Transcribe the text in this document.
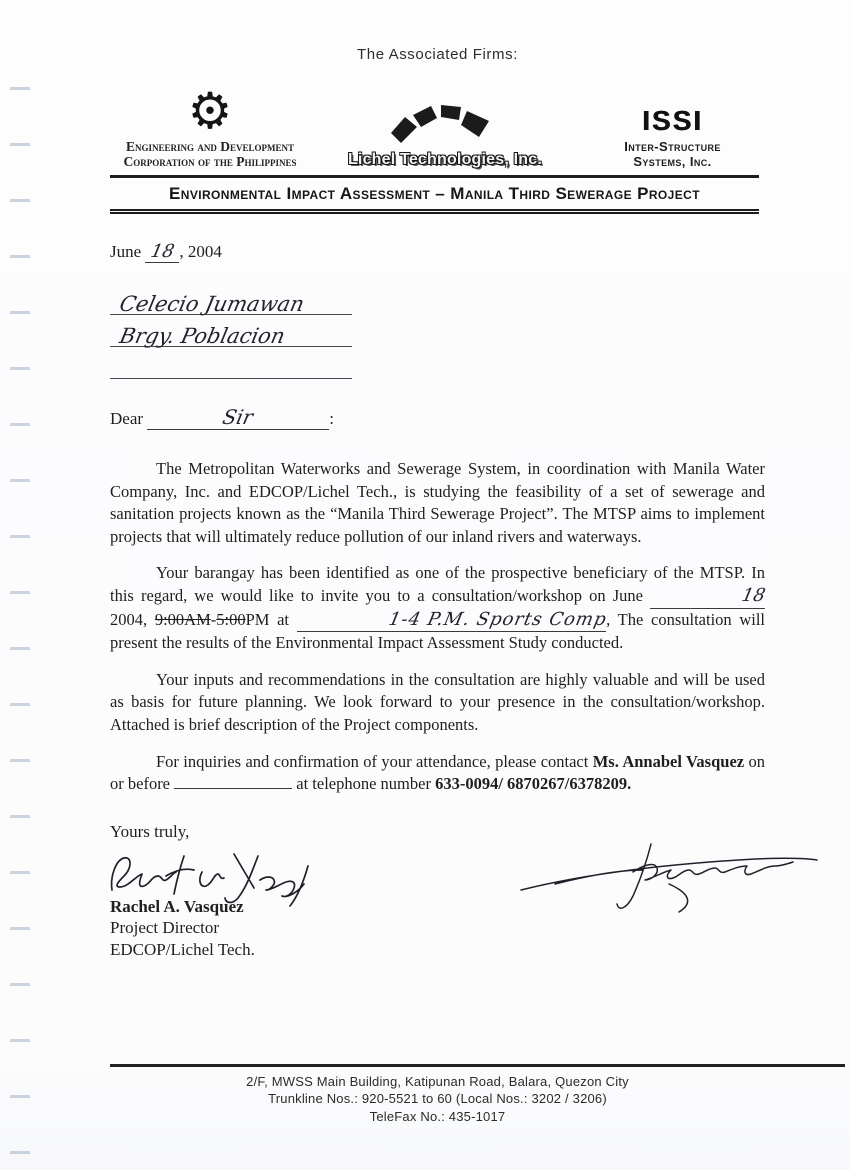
The Associated Firms:
⚙
Engineering and Development
Corporation of the Philippines	Lichel Technologies, Inc.
ISSI
Inter-Structure
Systems, Inc.
Environmental Impact Assessment – Manila Third Sewerage Project
June 18 , 2004
Celecio Jumawan
Brgy. Poblacion
Dear	Sir	:

The Metropolitan Waterworks and Sewerage System, in coordination with Manila Water Company, Inc. and EDCOP/Lichel Tech., is studying the feasibility of a set of sewerage and sanitation projects known as the “Manila Third Sewerage Project”. The MTSP aims to implement projects that will ultimately reduce pollution of our inland rivers and waterways.

Your barangay has been identified as one of the prospective beneficiary of the MTSP. In this regard, we would like to invite you to a consultation/workshop on June	18 2004, 9:00AM-5:00PM at	1-4 P.M. Sports Comp, The consultation will present the results of the Environmental Impact Assessment Study conducted.

Your inputs and recommendations in the consultation are highly valuable and will be used as basis for future planning. We look forward to your presence in the consultation/workshop. Attached is brief description of the Project components.

For inquiries and confirmation of your attendance, please contact Ms. Annabel Vasquez on or before	at telephone number 633-0094/ 6870267/6378209.

Yours truly,
Rachel A. Vasquez
Project Director
EDCOP/Lichel Tech.
2/F, MWSS Main Building, Katipunan Road, Balara, Quezon City
Trunkline Nos.: 920-5521 to 60 (Local Nos.: 3202 / 3206)
TeleFax No.: 435-1017
